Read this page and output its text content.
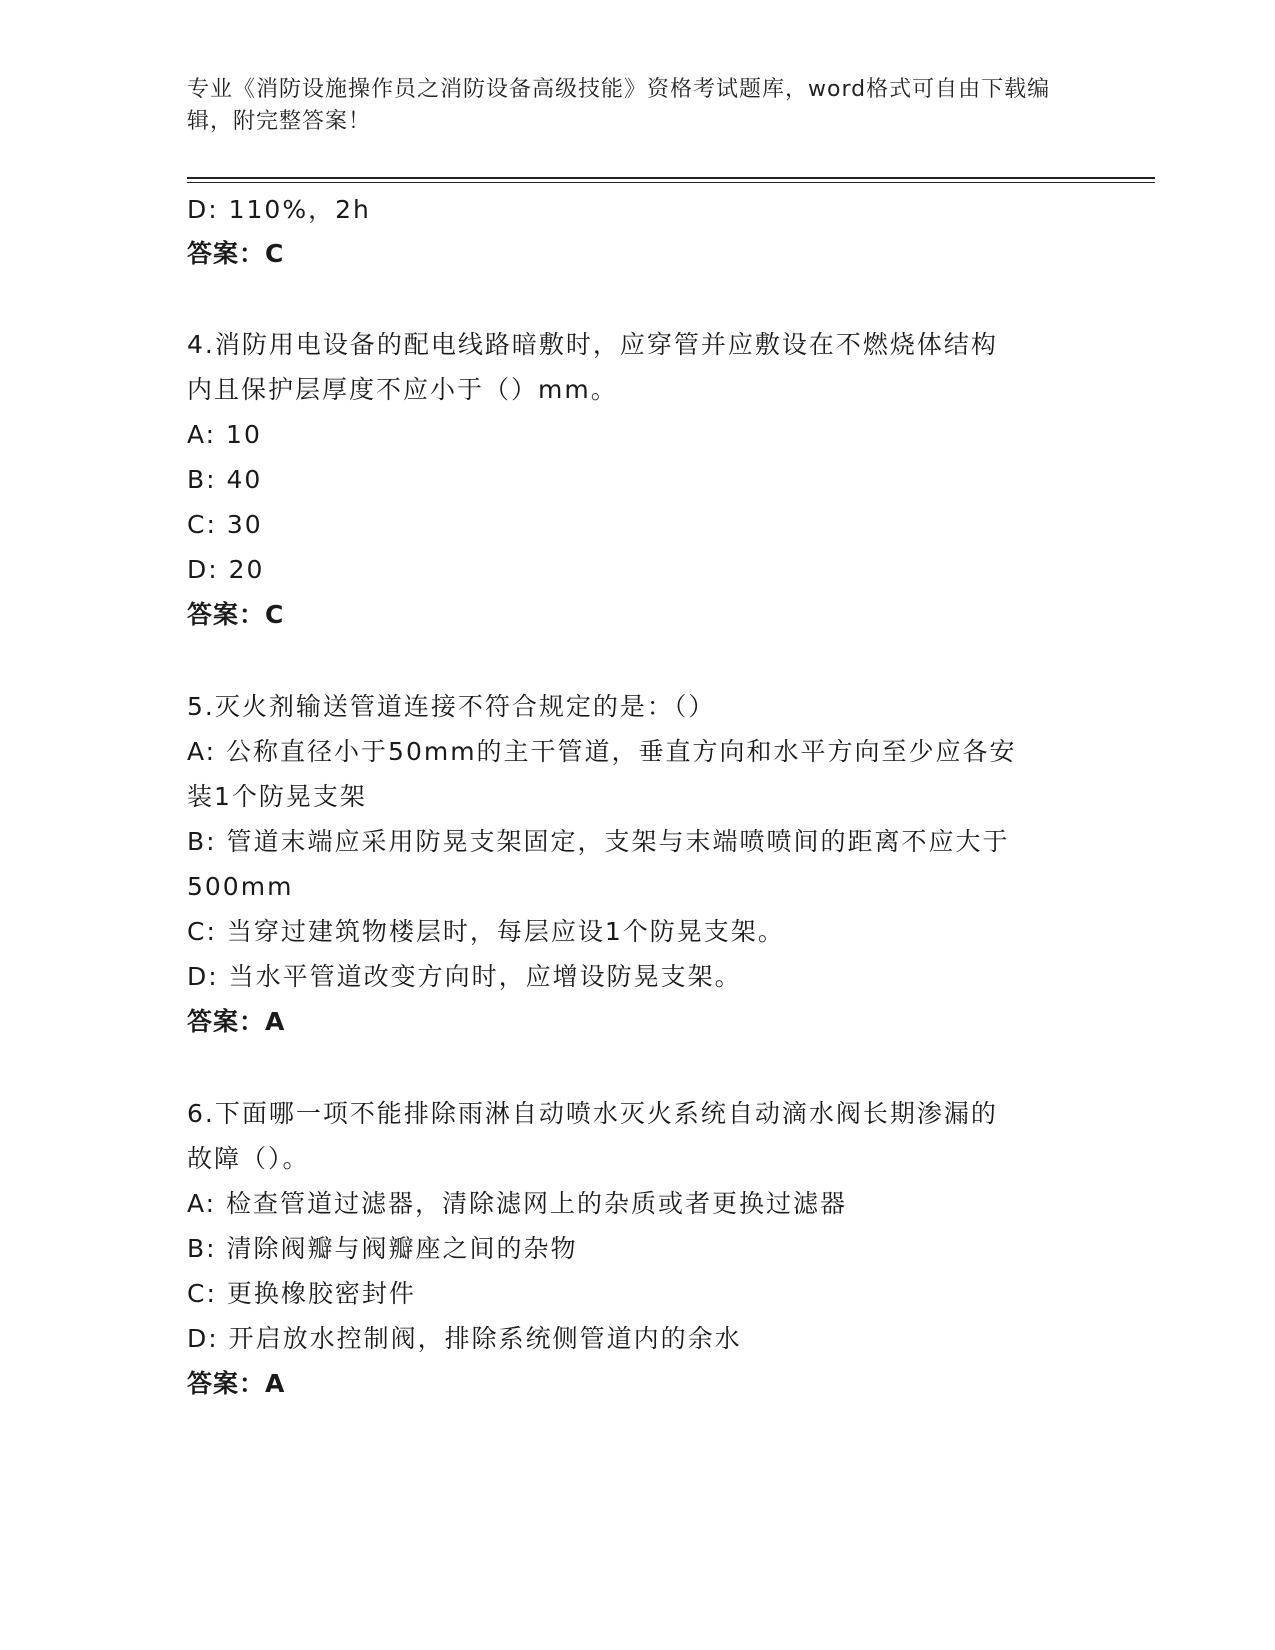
专业《消防设施操作员之消防设备高级技能》资格考试题库，word格式可自由下载编辑，附完整答案！
D: 110%，2h
答案：C
4.消防用电设备的配电线路暗敷时，应穿管并应敷设在不燃烧体结构
内且保护层厚度不应小于（）mm。
A: 10
B: 40
C: 30
D: 20
答案：C
5.灭火剂输送管道连接不符合规定的是：（）
A: 公称直径小于50mm的主干管道，垂直方向和水平方向至少应各安
装1个防晃支架
B: 管道末端应采用防晃支架固定，支架与末端喷喷间的距离不应大于
500mm
C: 当穿过建筑物楼层时，每层应设1个防晃支架。
D: 当水平管道改变方向时，应增设防晃支架。
答案：A
6.下面哪一项不能排除雨淋自动喷水灭火系统自动滴水阀长期渗漏的
故障（）。
A: 检查管道过滤器，清除滤网上的杂质或者更换过滤器
B: 清除阀瓣与阀瓣座之间的杂物
C: 更换橡胶密封件
D: 开启放水控制阀，排除系统侧管道内的余水
答案：A
